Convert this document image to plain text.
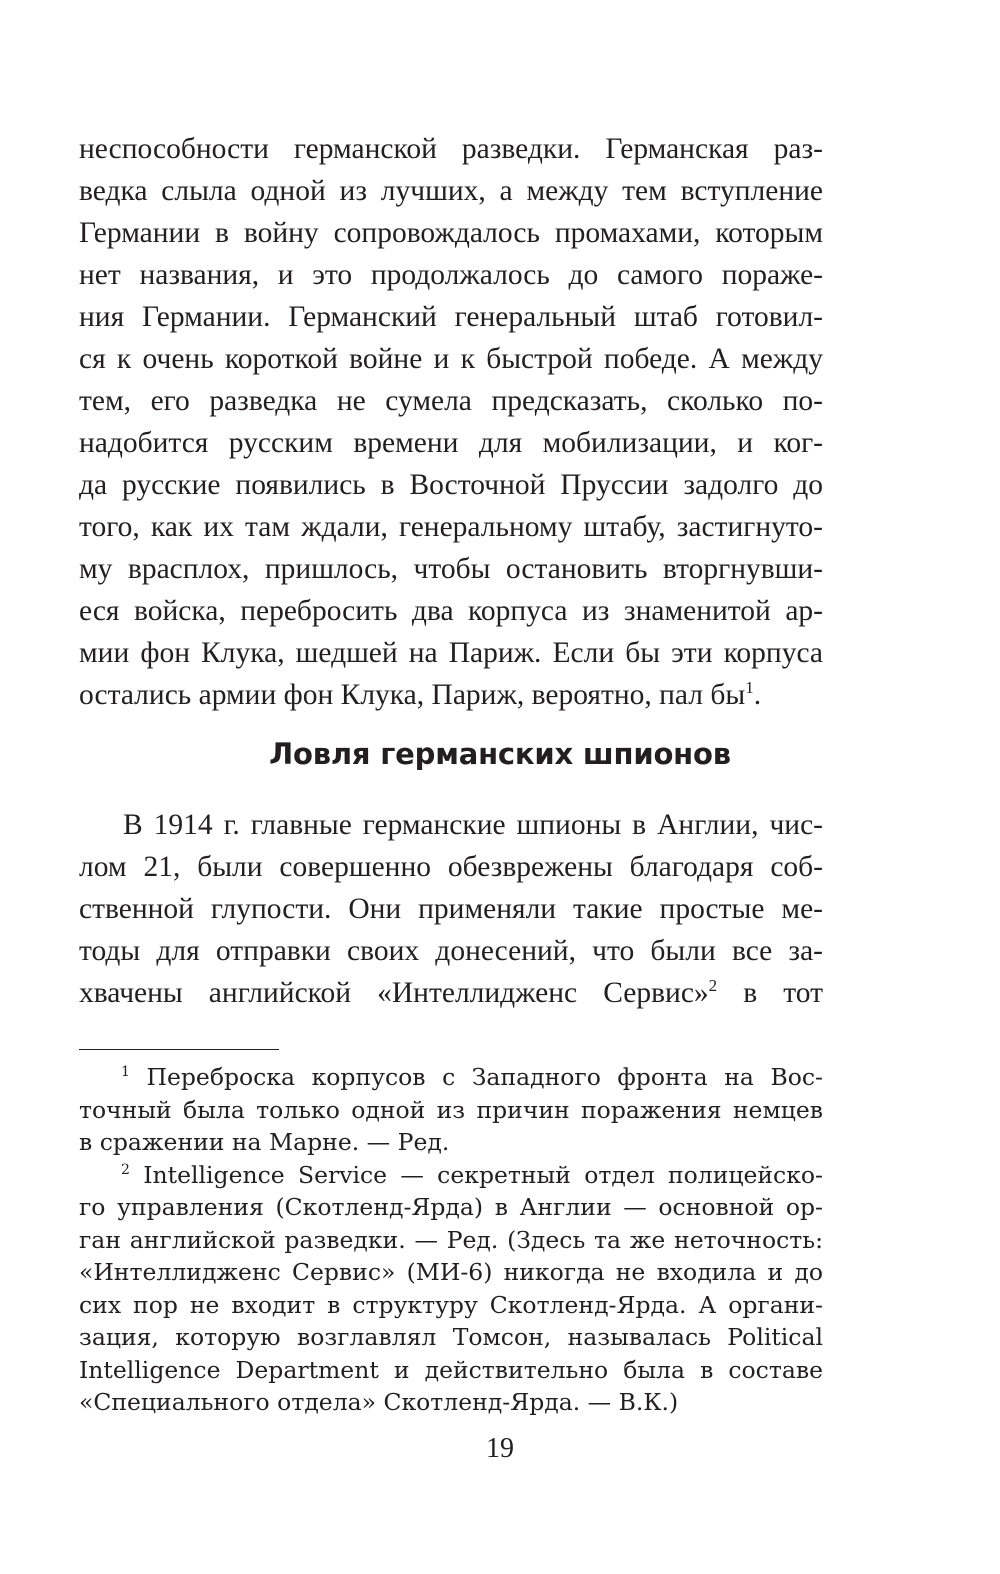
неспособности германской разведки. Германская раз-
ведка слыла одной из лучших, а между тем вступление
Германии в войну сопровождалось промахами, которым
нет названия, и это продолжалось до самого пораже-
ния Германии. Германский генеральный штаб готовил-
ся к очень короткой войне и к быстрой победе. А между
тем, его разведка не сумела предсказать, сколько по-
надобится русским времени для мобилизации, и ког-
да русские появились в Восточной Пруссии задолго до
того, как их там ждали, генеральному штабу, застигнуто-
му врасплох, пришлось, чтобы остановить вторгнувши-
еся войска, перебросить два корпуса из знаменитой ар-
мии фон Клука, шедшей на Париж. Если бы эти корпуса
остались армии фон Клука, Париж, вероятно, пал $бы^1$.
Ловля германских шпионов
В 1914 г. главные германские шпионы в Англии, чис-
лом 21, были совершенно обезврежены благодаря соб-
ственной глупости. Они применяли такие простые ме-
тоды для отправки своих донесений, что были все за-
хвачены английской «Интеллидженс Сервис»$^2$ в тот
$^1$ Переброска корпусов с Западного фронта на Вос-
точный была только одной из причин поражения немцев
в сражении на Марне. — Ред.
$^2$ Intelligence Service — секретный отдел полицейско-
го управления (Скотленд-Ярда) в Англии — основной ор-
ган английской разведки. — Ред. (Здесь та же неточность:
«Интеллидженс Сервис» (МИ-6) никогда не входила и до
сих пор не входит в структуру Скотленд-Ярда. А органи-
зация, которую возглавлял Томсон, называлась Political
Intelligence Department и действительно была в составе
«Специального отдела» Скотленд-Ярда. — В.К.)
19
